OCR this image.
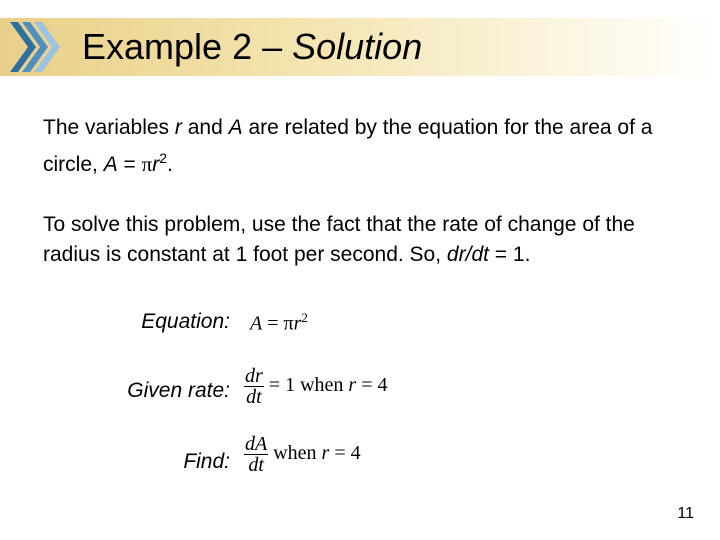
Example 2 – Solution

The variables r and A are related by the equation for the area of a circle, $A = \pi r^2$.

To solve this problem, use the fact that the rate of change of the radius is constant at 1 foot per second. So, dr/dt = 1.

Equation: $A = \pi r^2$
Given rate: $\frac{dr}{dt} = 1$ when r = 4
Find: $\frac{dA}{dt}$ when r = 4
11
